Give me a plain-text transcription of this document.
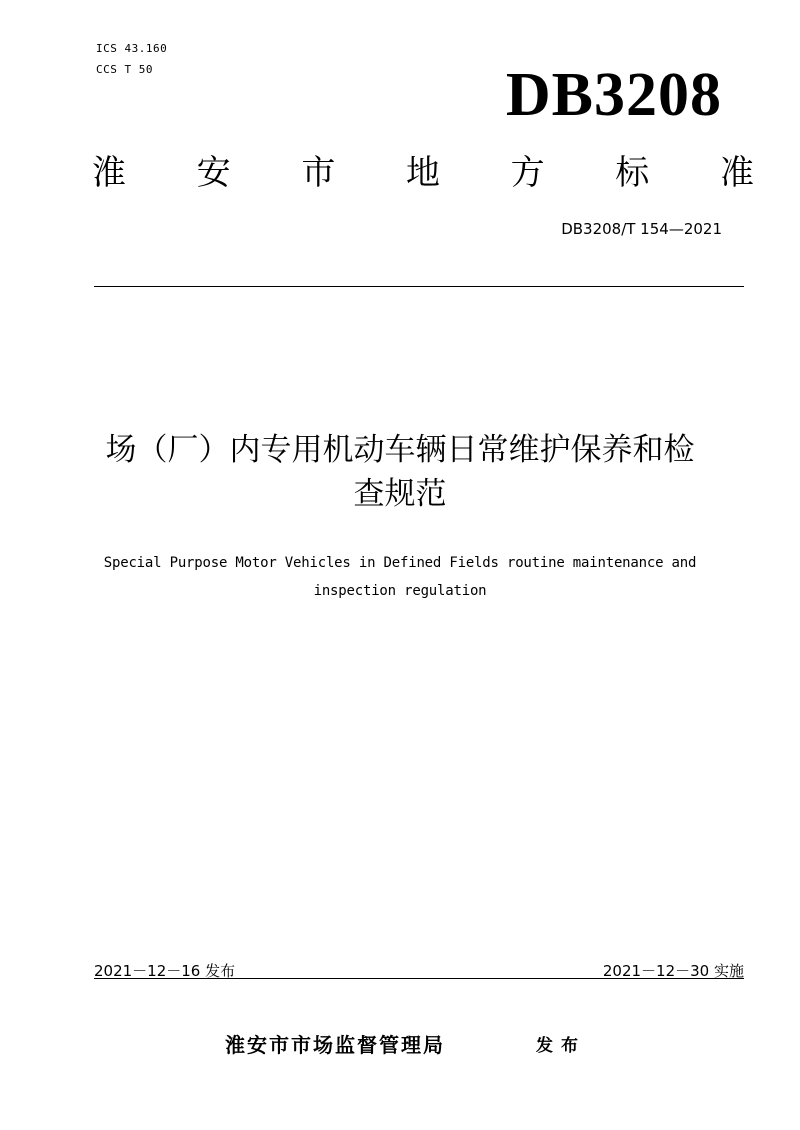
ICS 43.160
CCS T 50	DB3208
淮 安 市 地 方 标 准
DB3208/T 154—2021
场（厂）内专用机动车辆日常维护保养和检
查规范
Special Purpose Motor Vehicles in Defined Fields routine maintenance and
inspection regulation
2021－12－16 发布	2021－12－30 实施
淮安市市场监督管理局	发布
